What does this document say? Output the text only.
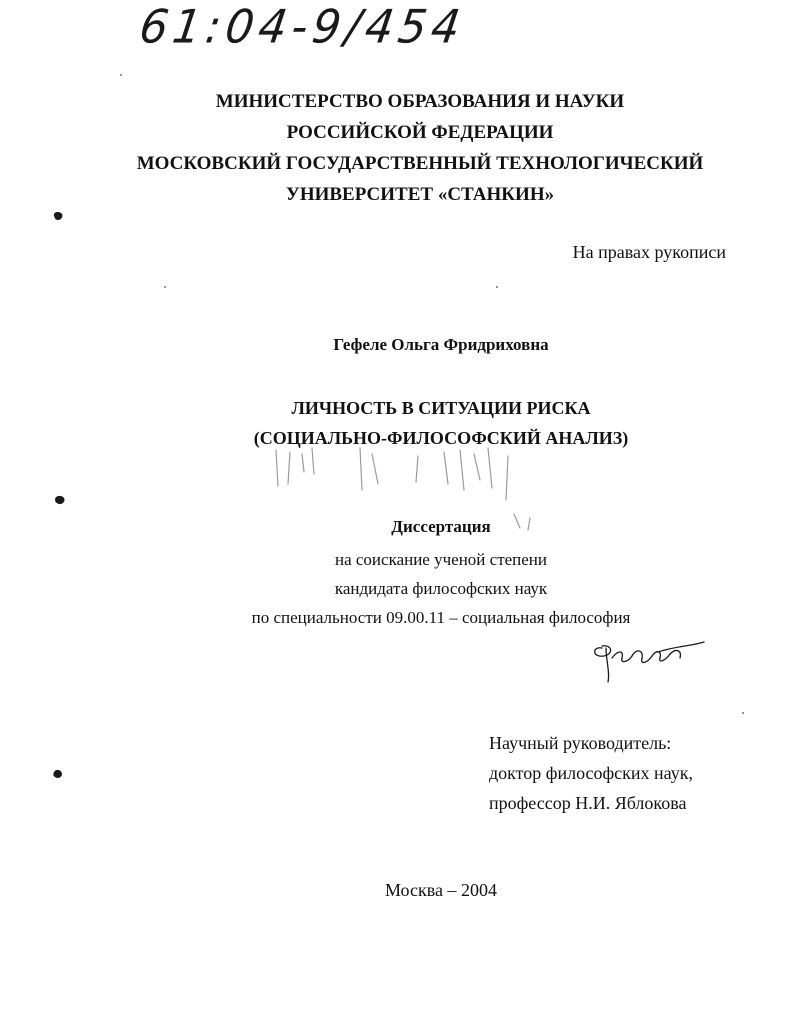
61:04-9/454
МИНИСТЕРСТВО ОБРАЗОВАНИЯ И НАУКИ
РОССИЙСКОЙ ФЕДЕРАЦИИ
МОСКОВСКИЙ ГОСУДАРСТВЕННЫЙ ТЕХНОЛОГИЧЕСКИЙ
УНИВЕРСИТЕТ «СТАНКИН»
На правах рукописи
Гефеле Ольга Фридриховна
ЛИЧНОСТЬ В СИТУАЦИИ РИСКА
(СОЦИАЛЬНО-ФИЛОСОФСКИЙ АНАЛИЗ)
Диссертация
на соискание ученой степени
кандидата философских наук
по специальности 09.00.11 – социальная философия
Научный руководитель:
доктор философских наук,
профессор Н.И. Яблокова
Москва – 2004
